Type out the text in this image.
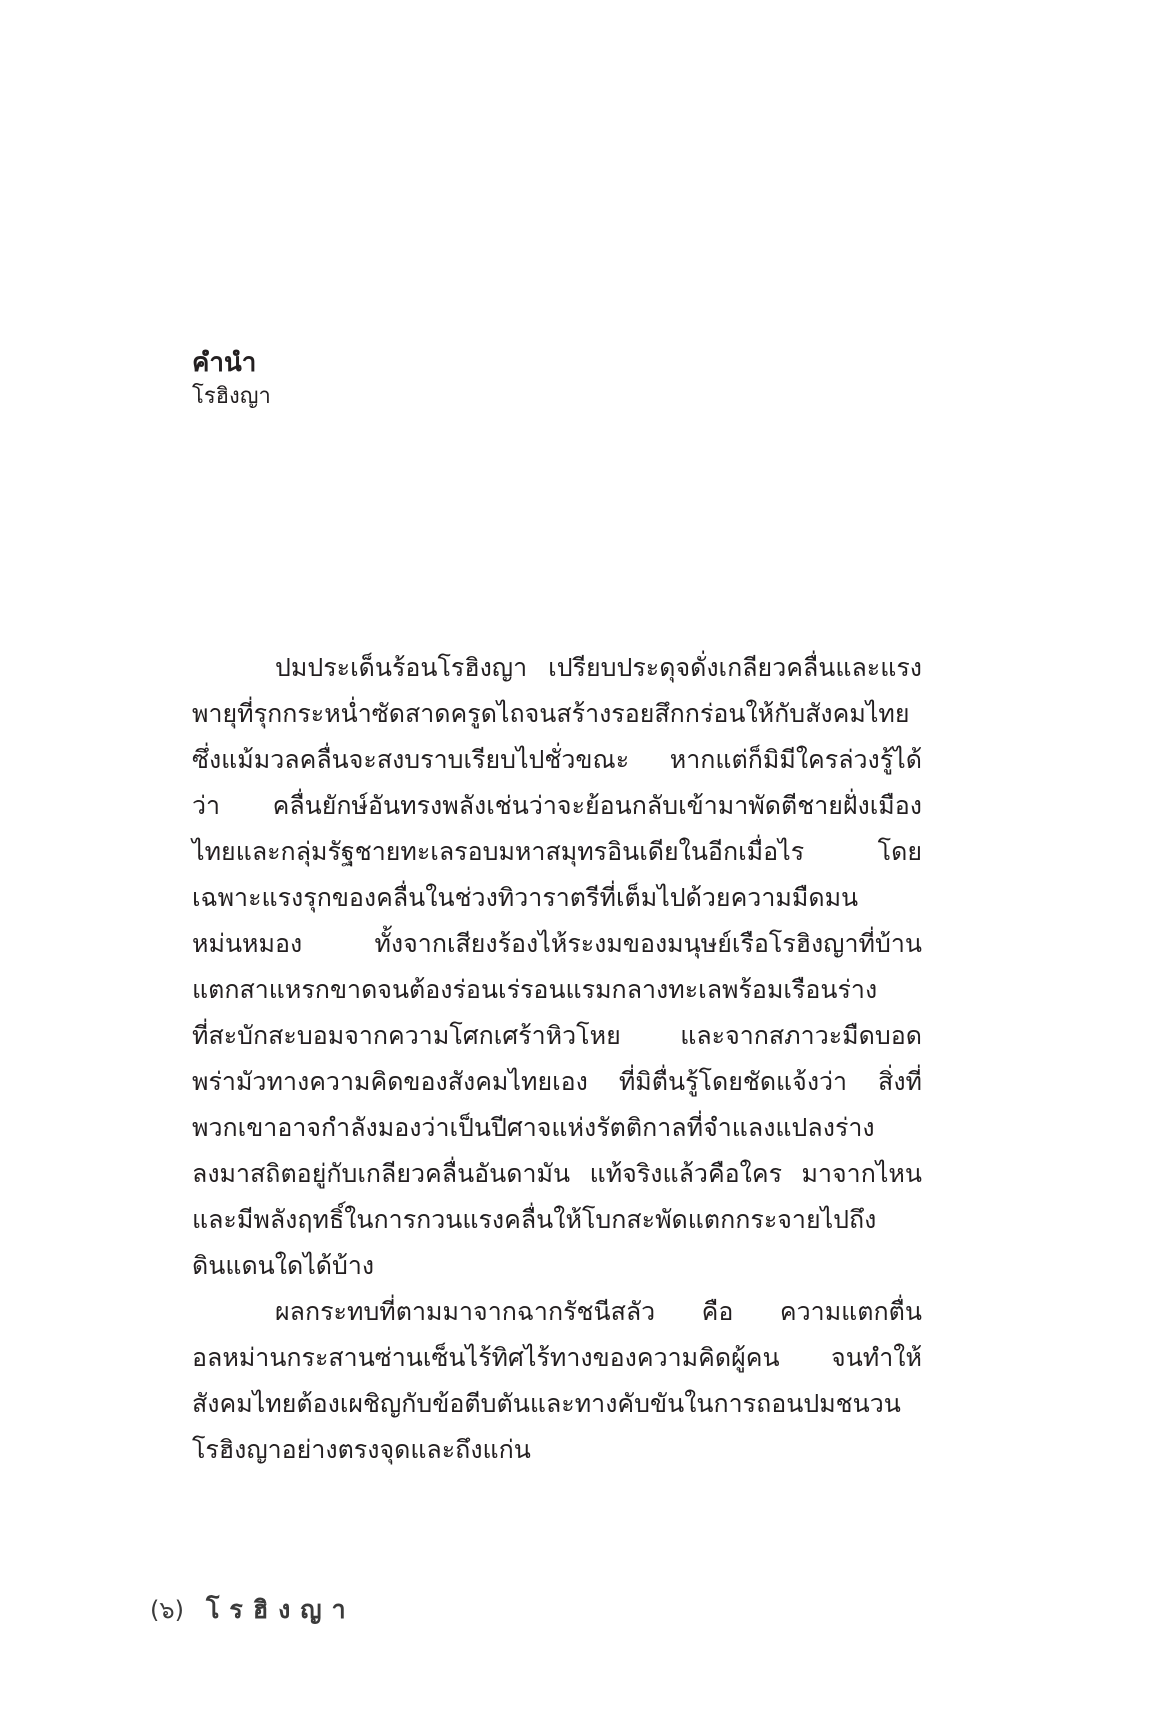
คำนำ

โรฮิงญา

ปมประเด็นร้อนโรฮิงญา เปรียบประดุจดั่งเกลียวคลื่นและแรง
พายุที่รุกกระหน่ำซัดสาดครูดไถจนสร้างรอยสึกกร่อนให้กับสังคมไทย
ซึ่งแม้มวลคลื่นจะสงบราบเรียบไปชั่วขณะ หากแต่ก็มิมีใครล่วงรู้ได้
ว่า คลื่นยักษ์อันทรงพลังเช่นว่าจะย้อนกลับเข้ามาพัดตีชายฝั่งเมือง
ไทยและกลุ่มรัฐชายทะเลรอบมหาสมุทรอินเดียในอีกเมื่อไร โดย
เฉพาะแรงรุกของคลื่นในช่วงทิวาราตรีที่เต็มไปด้วยความมืดมน
หม่นหมอง ทั้งจากเสียงร้องไห้ระงมของมนุษย์เรือโรฮิงญาที่บ้าน
แตกสาแหรกขาดจนต้องร่อนเร่รอนแรมกลางทะเลพร้อมเรือนร่าง
ที่สะบักสะบอมจากความโศกเศร้าหิวโหย และจากสภาวะมืดบอด
พร่ามัวทางความคิดของสังคมไทยเอง ที่มิตื่นรู้โดยชัดแจ้งว่า สิ่งที่
พวกเขาอาจกำลังมองว่าเป็นปีศาจแห่งรัตติกาลที่จำแลงแปลงร่าง
ลงมาสถิตอยู่กับเกลียวคลื่นอันดามัน แท้จริงแล้วคือใคร มาจากไหน
และมีพลังฤทธิ์ในการกวนแรงคลื่นให้โบกสะพัดแตกกระจายไปถึง
ดินแดนใดได้บ้าง
ผลกระทบที่ตามมาจากฉากรัชนีสลัว คือ ความแตกตื่น
อลหม่านกระสานซ่านเซ็นไร้ทิศไร้ทางของความคิดผู้คน จนทำให้
สังคมไทยต้องเผชิญกับข้อตีบตันและทางคับขันในการถอนปมชนวน
โรฮิงญาอย่างตรงจุดและถึงแก่น
(๖) โรฮิงญา
